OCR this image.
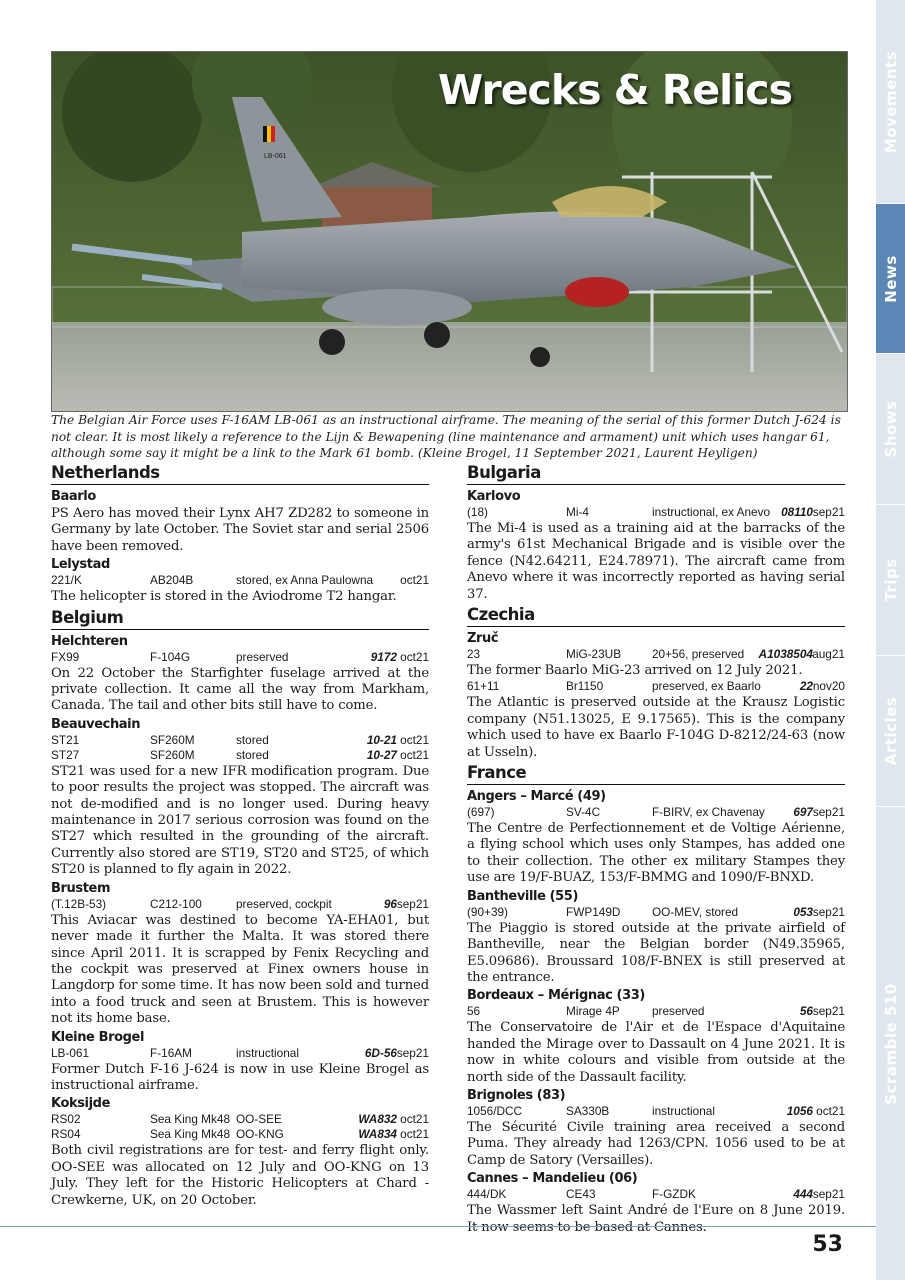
Movements
News
Shows
Trips
Articles
Scramble 510
LB-061
Wrecks & Relics
The Belgian Air Force uses F-16AM LB-061 as an instructional airframe. The meaning of the serial of this former Dutch J-624 is not clear. It is most likely a reference to the Lijn & Bewapening (line maintenance and armament) unit which uses hangar 61, although some say it might be a link to the Mark 61 bomb. (Kleine Brogel, 11 September 2021, Laurent Heyligen)
Netherlands
Baarlo
PS Aero has moved their Lynx AH7 ZD282 to someone in Germany by late October. The Soviet star and serial 2506 have been removed.
Lelystad
221/K	AB204B	stored, ex Anna Paulowna oct21
The helicopter is stored in the Aviodrome T2 hangar.
Belgium
Helchteren
FX99	F-104G	preserved	9172 oct21
On 22 October the Starfighter fuselage arrived at the private collection. It came all the way from Markham, Canada. The tail and other bits still have to come.
Beauvechain
ST21	SF260M	stored	10-21 oct21
ST27	SF260M	stored	10-27 oct21
ST21 was used for a new IFR modification program. Due to poor results the project was stopped. The aircraft was not de-modified and is no longer used. During heavy maintenance in 2017 serious corrosion was found on the ST27 which resulted in the grounding of the aircraft. Currently also stored are ST19, ST20 and ST25, of which ST20 is planned to fly again in 2022.
Brustem
(T.12B-53)	C212-100	preserved, cockpit	96 sep21
This Aviacar was destined to become YA-EHA01, but never made it further the Malta. It was stored there since April 2011. It is scrapped by Fenix Recycling and the cockpit was preserved at Finex owners house in Langdorp for some time. It has now been sold and turned into a food truck and seen at Brustem. This is however not its home base.
Kleine Brogel
LB-061	F-16AM	instructional	6D-56 sep21
Former Dutch F-16 J-624 is now in use Kleine Brogel as instructional airframe.
Koksijde
RS02	Sea King Mk48 OO-SEE	WA832 oct21
RS04	Sea King Mk48 OO-KNG	WA834 oct21
Both civil registrations are for test- and ferry flight only. OO-SEE was allocated on 12 July and OO-KNG on 13 July. They left for the Historic Helicopters at Chard - Crewkerne, UK, on 20 October.
Bulgaria
Karlovo
(18)	Mi-4	instructional, ex Anevo 08110 sep21
The Mi-4 is used as a training aid at the barracks of the army's 61st Mechanical Brigade and is visible over the fence (N42.64211, E24.78971). The aircraft came from Anevo where it was incorrectly reported as having serial 37.
Czechia
Zruč
23	MiG-23UB	20+56, preserved A1038504 aug21
The former Baarlo MiG-23 arrived on 12 July 2021.
61+11	Br1150	preserved, ex Baarlo	22 nov20
The Atlantic is preserved outside at the Krausz Logistic company (N51.13025, E 9.17565). This is the company which used to have ex Baarlo F-104G D-8212/24-63 (now at Usseln).
France
Angers – Marcé (49)
(697)	SV-4C	F-BIRV, ex Chavenay 697 sep21
The Centre de Perfectionnement et de Voltige Aérienne, a flying school which uses only Stampes, has added one to their collection. The other ex military Stampes they use are 19/F-BUAZ, 153/F-BMMG and 1090/F-BNXD.
Bantheville (55)
(90+39)	FWP149D	OO-MEV, stored	053 sep21
The Piaggio is stored outside at the private airfield of Bantheville, near the Belgian border (N49.35965, E5.09686). Broussard 108/F-BNEX is still preserved at the entrance.
Bordeaux – Mérignac (33)
56	Mirage 4P	preserved	56 sep21
The Conservatoire de l'Air et de l'Espace d'Aquitaine handed the Mirage over to Dassault on 4 June 2021. It is now in white colours and visible from outside at the north side of the Dassault facility.
Brignoles (83)
1056/DCC	SA330B	instructional	1056 oct21
The Sécurité Civile training area received a second Puma. They already had 1263/CPN. 1056 used to be at Camp de Satory (Versailles).
Cannes – Mandelieu (06)
444/DK	CE43	F-GZDK	444 sep21
The Wassmer left Saint André de l'Eure on 8 June 2019. It now seems to be based at Cannes.
53
